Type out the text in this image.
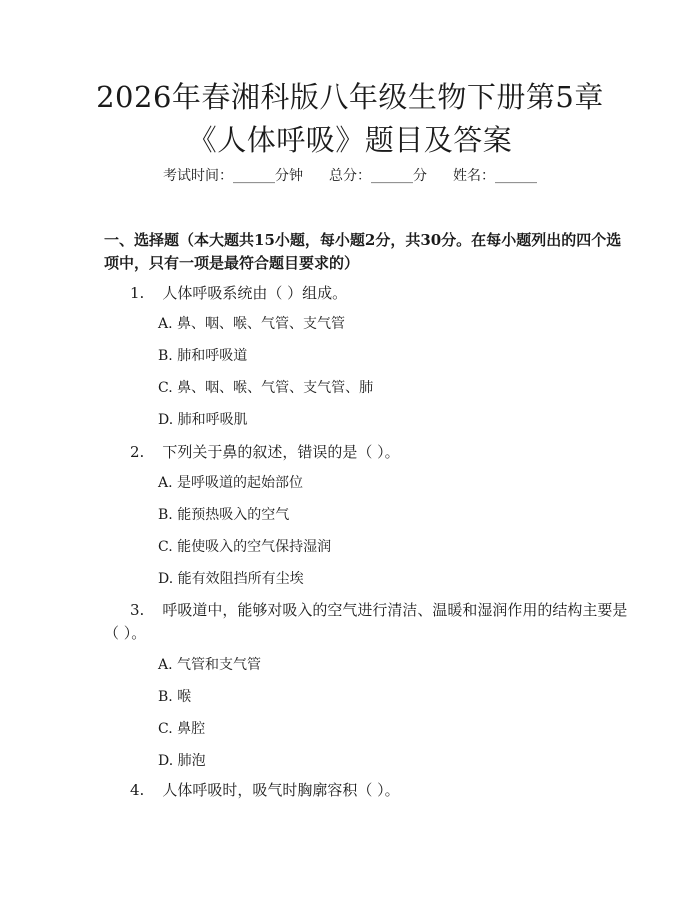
2026年春湘科版八年级生物下册第5章《人体呼吸》题目及答案
考试时间：______分钟 总分：______分 姓名：______
一、选择题（本大题共15小题，每小题2分，共30分。在每小题列出的四个选项中，只有一项是最符合题目要求的）
1. 人体呼吸系统由（ ）组成。
A. 鼻、咽、喉、气管、支气管
B. 肺和呼吸道
C. 鼻、咽、喉、气管、支气管、肺
D. 肺和呼吸肌
2. 下列关于鼻的叙述，错误的是（ ）。
A. 是呼吸道的起始部位
B. 能预热吸入的空气
C. 能使吸入的空气保持湿润
D. 能有效阻挡所有尘埃
3. 呼吸道中，能够对吸入的空气进行清洁、温暖和湿润作用的结构主要是（ ）。
A. 气管和支气管
B. 喉
C. 鼻腔
D. 肺泡
4. 人体呼吸时，吸气时胸廓容积（ ）。
